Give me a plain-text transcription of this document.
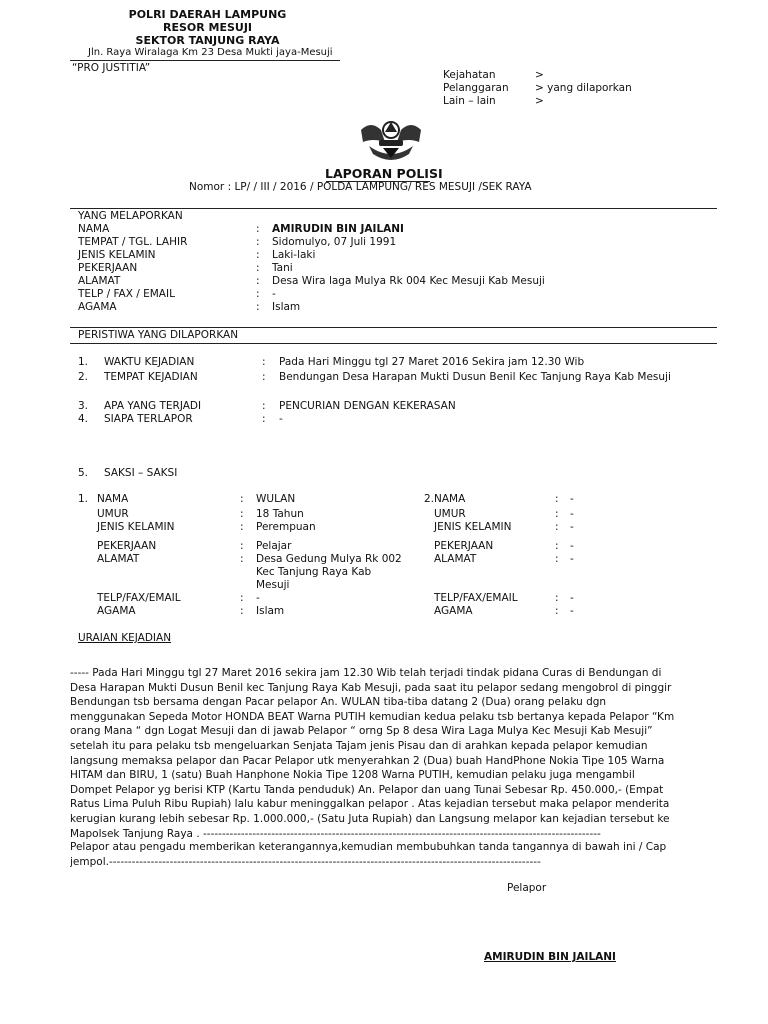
POLRI DAERAH LAMPUNG
RESOR MESUJI
SEKTOR TANJUNG RAYA
Jln. Raya Wiralaga Km 23 Desa Mukti jaya-Mesuji
“PRO JUSTITIA”
Kejahatan	>
Pelanggaran	> yang dilaporkan
Lain – lain	>
LAPORAN POLISI
Nomor : LP/ / III / 2016 / POLDA LAMPUNG/ RES MESUJI /SEK RAYA
YANG MELAPORKAN
NAMA	: AMIRUDIN BIN JAILANI
TEMPAT / TGL. LAHIR	: Sidomulyo, 07 Juli 1991
JENIS KELAMIN	: Laki-laki
PEKERJAAN	: Tani
ALAMAT	: Desa Wira laga Mulya Rk 004 Kec Mesuji Kab Mesuji
TELP / FAX / EMAIL	: -
AGAMA	: Islam
PERISTIWA YANG DILAPORKAN
1. WAKTU KEJADIAN	: Pada Hari Minggu tgl 27 Maret 2016 Sekira jam 12.30 Wib
2. TEMPAT KEJADIAN	: Bendungan Desa Harapan Mukti Dusun Benil Kec Tanjung Raya Kab Mesuji
3. APA YANG TERJADI	: PENCURIAN DENGAN KEKERASAN
4. SIAPA TERLAPOR	: -
5. SAKSI – SAKSI
1. NAMA	: WULAN
UMUR	: 18 Tahun
JENIS KELAMIN	: Perempuan
PEKERJAAN	: Pelajar
ALAMAT	: Desa Gedung Mulya Rk 002
Kec Tanjung Raya Kab
Mesuji
TELP/FAX/EMAIL	: -
AGAMA	: Islam
2. NAMA	: -
UMUR	: -
JENIS KELAMIN	: -
PEKERJAAN	: -
ALAMAT	: -
TELP/FAX/EMAIL	: -
AGAMA	: -
URAIAN KEJADIAN
----- Pada Hari Minggu tgl 27 Maret 2016 sekira jam 12.30 Wib telah terjadi tindak pidana Curas di Bendungan di
Desa Harapan Mukti Dusun Benil kec Tanjung Raya Kab Mesuji, pada saat itu pelapor sedang mengobrol di pinggir
Bendungan tsb bersama dengan Pacar pelapor An. WULAN tiba-tiba datang 2 (Dua) orang pelaku dgn
menggunakan Sepeda Motor HONDA BEAT Warna PUTIH kemudian kedua pelaku tsb bertanya kepada Pelapor “Km
orang Mana “ dgn Logat Mesuji dan di jawab Pelapor “ orng Sp 8 desa Wira Laga Mulya Kec Mesuji Kab Mesuji”
setelah itu para pelaku tsb mengeluarkan Senjata Tajam jenis Pisau dan di arahkan kepada pelapor kemudian
langsung memaksa pelapor dan Pacar Pelapor utk menyerahkan 2 (Dua) buah HandPhone Nokia Tipe 105 Warna
HITAM dan BIRU, 1 (satu) Buah Hanphone Nokia Tipe 1208 Warna PUTIH, kemudian pelaku juga mengambil
Dompet Pelapor yg berisi KTP (Kartu Tanda penduduk) An. Pelapor dan uang Tunai Sebesar Rp. 450.000,- (Empat
Ratus Lima Puluh Ribu Rupiah) lalu kabur meninggalkan pelapor . Atas kejadian tersebut maka pelapor menderita
kerugian kurang lebih sebesar Rp. 1.000.000,- (Satu Juta Rupiah) dan Langsung melapor kan kejadian tersebut ke
Mapolsek Tanjung Raya . ---------------------------------------------------------------------------------------------------------
Pelapor atau pengadu memberikan keterangannya,kemudian membubuhkan tanda tangannya di bawah ini / Cap
jempol.------------------------------------------------------------------------------------------------------------------
Pelapor
AMIRUDIN BIN JAILANI
